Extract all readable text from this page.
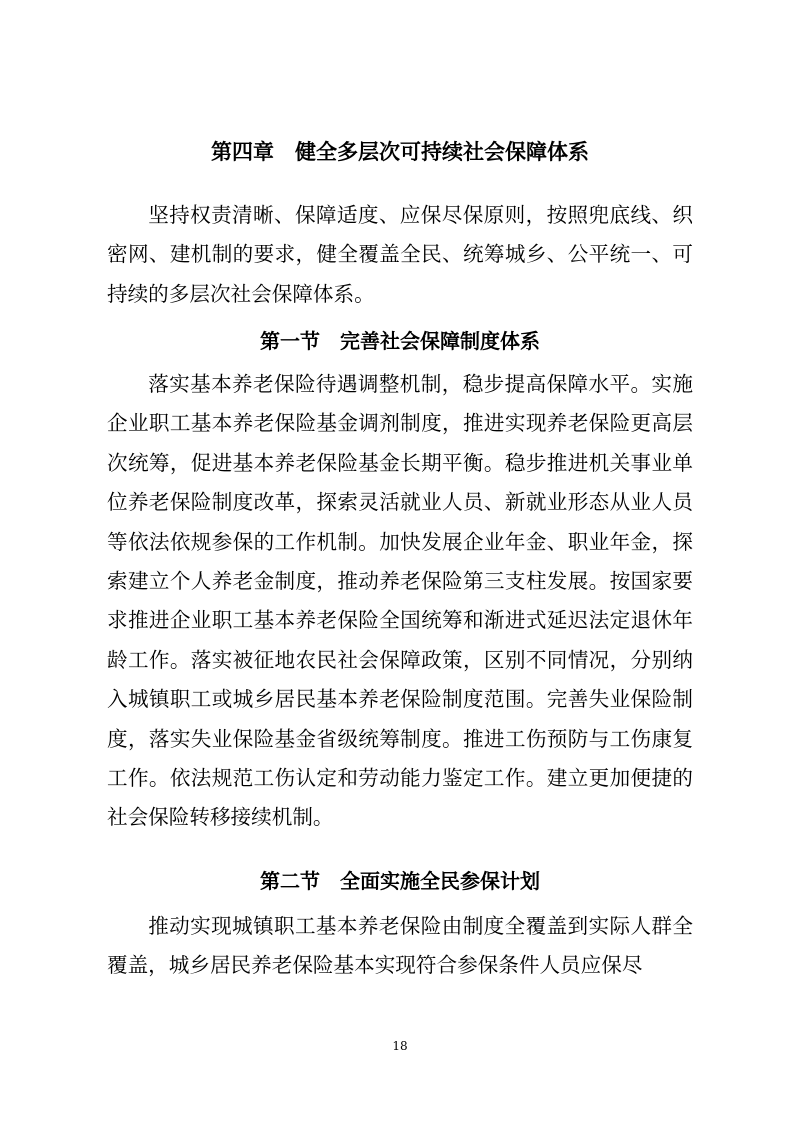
第四章　健全多层次可持续社会保障体系

坚持权责清晰、保障适度、应保尽保原则，按照兜底线、织密网、建机制的要求，健全覆盖全民、统筹城乡、公平统一、可持续的多层次社会保障体系。

第一节　完善社会保障制度体系

落实基本养老保险待遇调整机制，稳步提高保障水平。实施企业职工基本养老保险基金调剂制度，推进实现养老保险更高层次统筹，促进基本养老保险基金长期平衡。稳步推进机关事业单位养老保险制度改革，探索灵活就业人员、新就业形态从业人员等依法依规参保的工作机制。加快发展企业年金、职业年金，探索建立个人养老金制度，推动养老保险第三支柱发展。按国家要求推进企业职工基本养老保险全国统筹和渐进式延迟法定退休年龄工作。落实被征地农民社会保障政策，区别不同情况，分别纳入城镇职工或城乡居民基本养老保险制度范围。完善失业保险制度，落实失业保险基金省级统筹制度。推进工伤预防与工伤康复工作。依法规范工伤认定和劳动能力鉴定工作。建立更加便捷的社会保险转移接续机制。

第二节　全面实施全民参保计划

推动实现城镇职工基本养老保险由制度全覆盖到实际人群全覆盖，城乡居民养老保险基本实现符合参保条件人员应保尽

18
